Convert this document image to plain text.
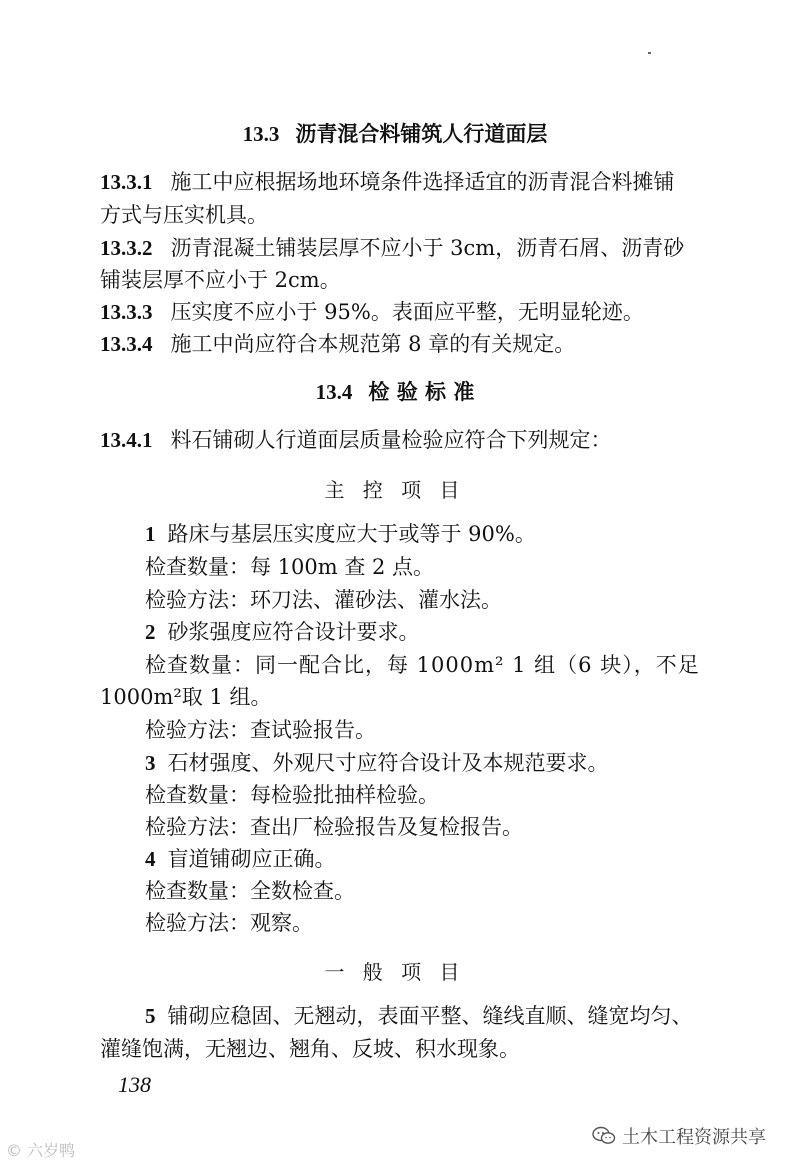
13.3 沥青混合料铺筑人行道面层
13.3.1 施工中应根据场地环境条件选择适宜的沥青混合料摊铺
方式与压实机具。
13.3.2 沥青混凝土铺装层厚不应小于 3cm，沥青石屑、沥青砂
铺装层厚不应小于 2cm。
13.3.3 压实度不应小于 95%。表面应平整，无明显轮迹。
13.3.4 施工中尚应符合本规范第 8 章的有关规定。
13.4 检 验 标 准
13.4.1 料石铺砌人行道面层质量检验应符合下列规定：
主 控 项 目
1 路床与基层压实度应大于或等于 90%。
检查数量：每 100m 查 2 点。
检验方法：环刀法、灌砂法、灌水法。
2 砂浆强度应符合设计要求。
检查数量：同一配合比，每 1000m² 1 组（6 块），不足
1000m²取 1 组。
检验方法：查试验报告。
3 石材强度、外观尺寸应符合设计及本规范要求。
检查数量：每检验批抽样检验。
检验方法：查出厂检验报告及复检报告。
4 盲道铺砌应正确。
检查数量：全数检查。
检验方法：观察。
一 般 项 目
5 铺砌应稳固、无翘动，表面平整、缝线直顺、缝宽均匀、
灌缝饱满，无翘边、翘角、反坡、积水现象。
138
© 六岁鸭
土木工程资源共享
